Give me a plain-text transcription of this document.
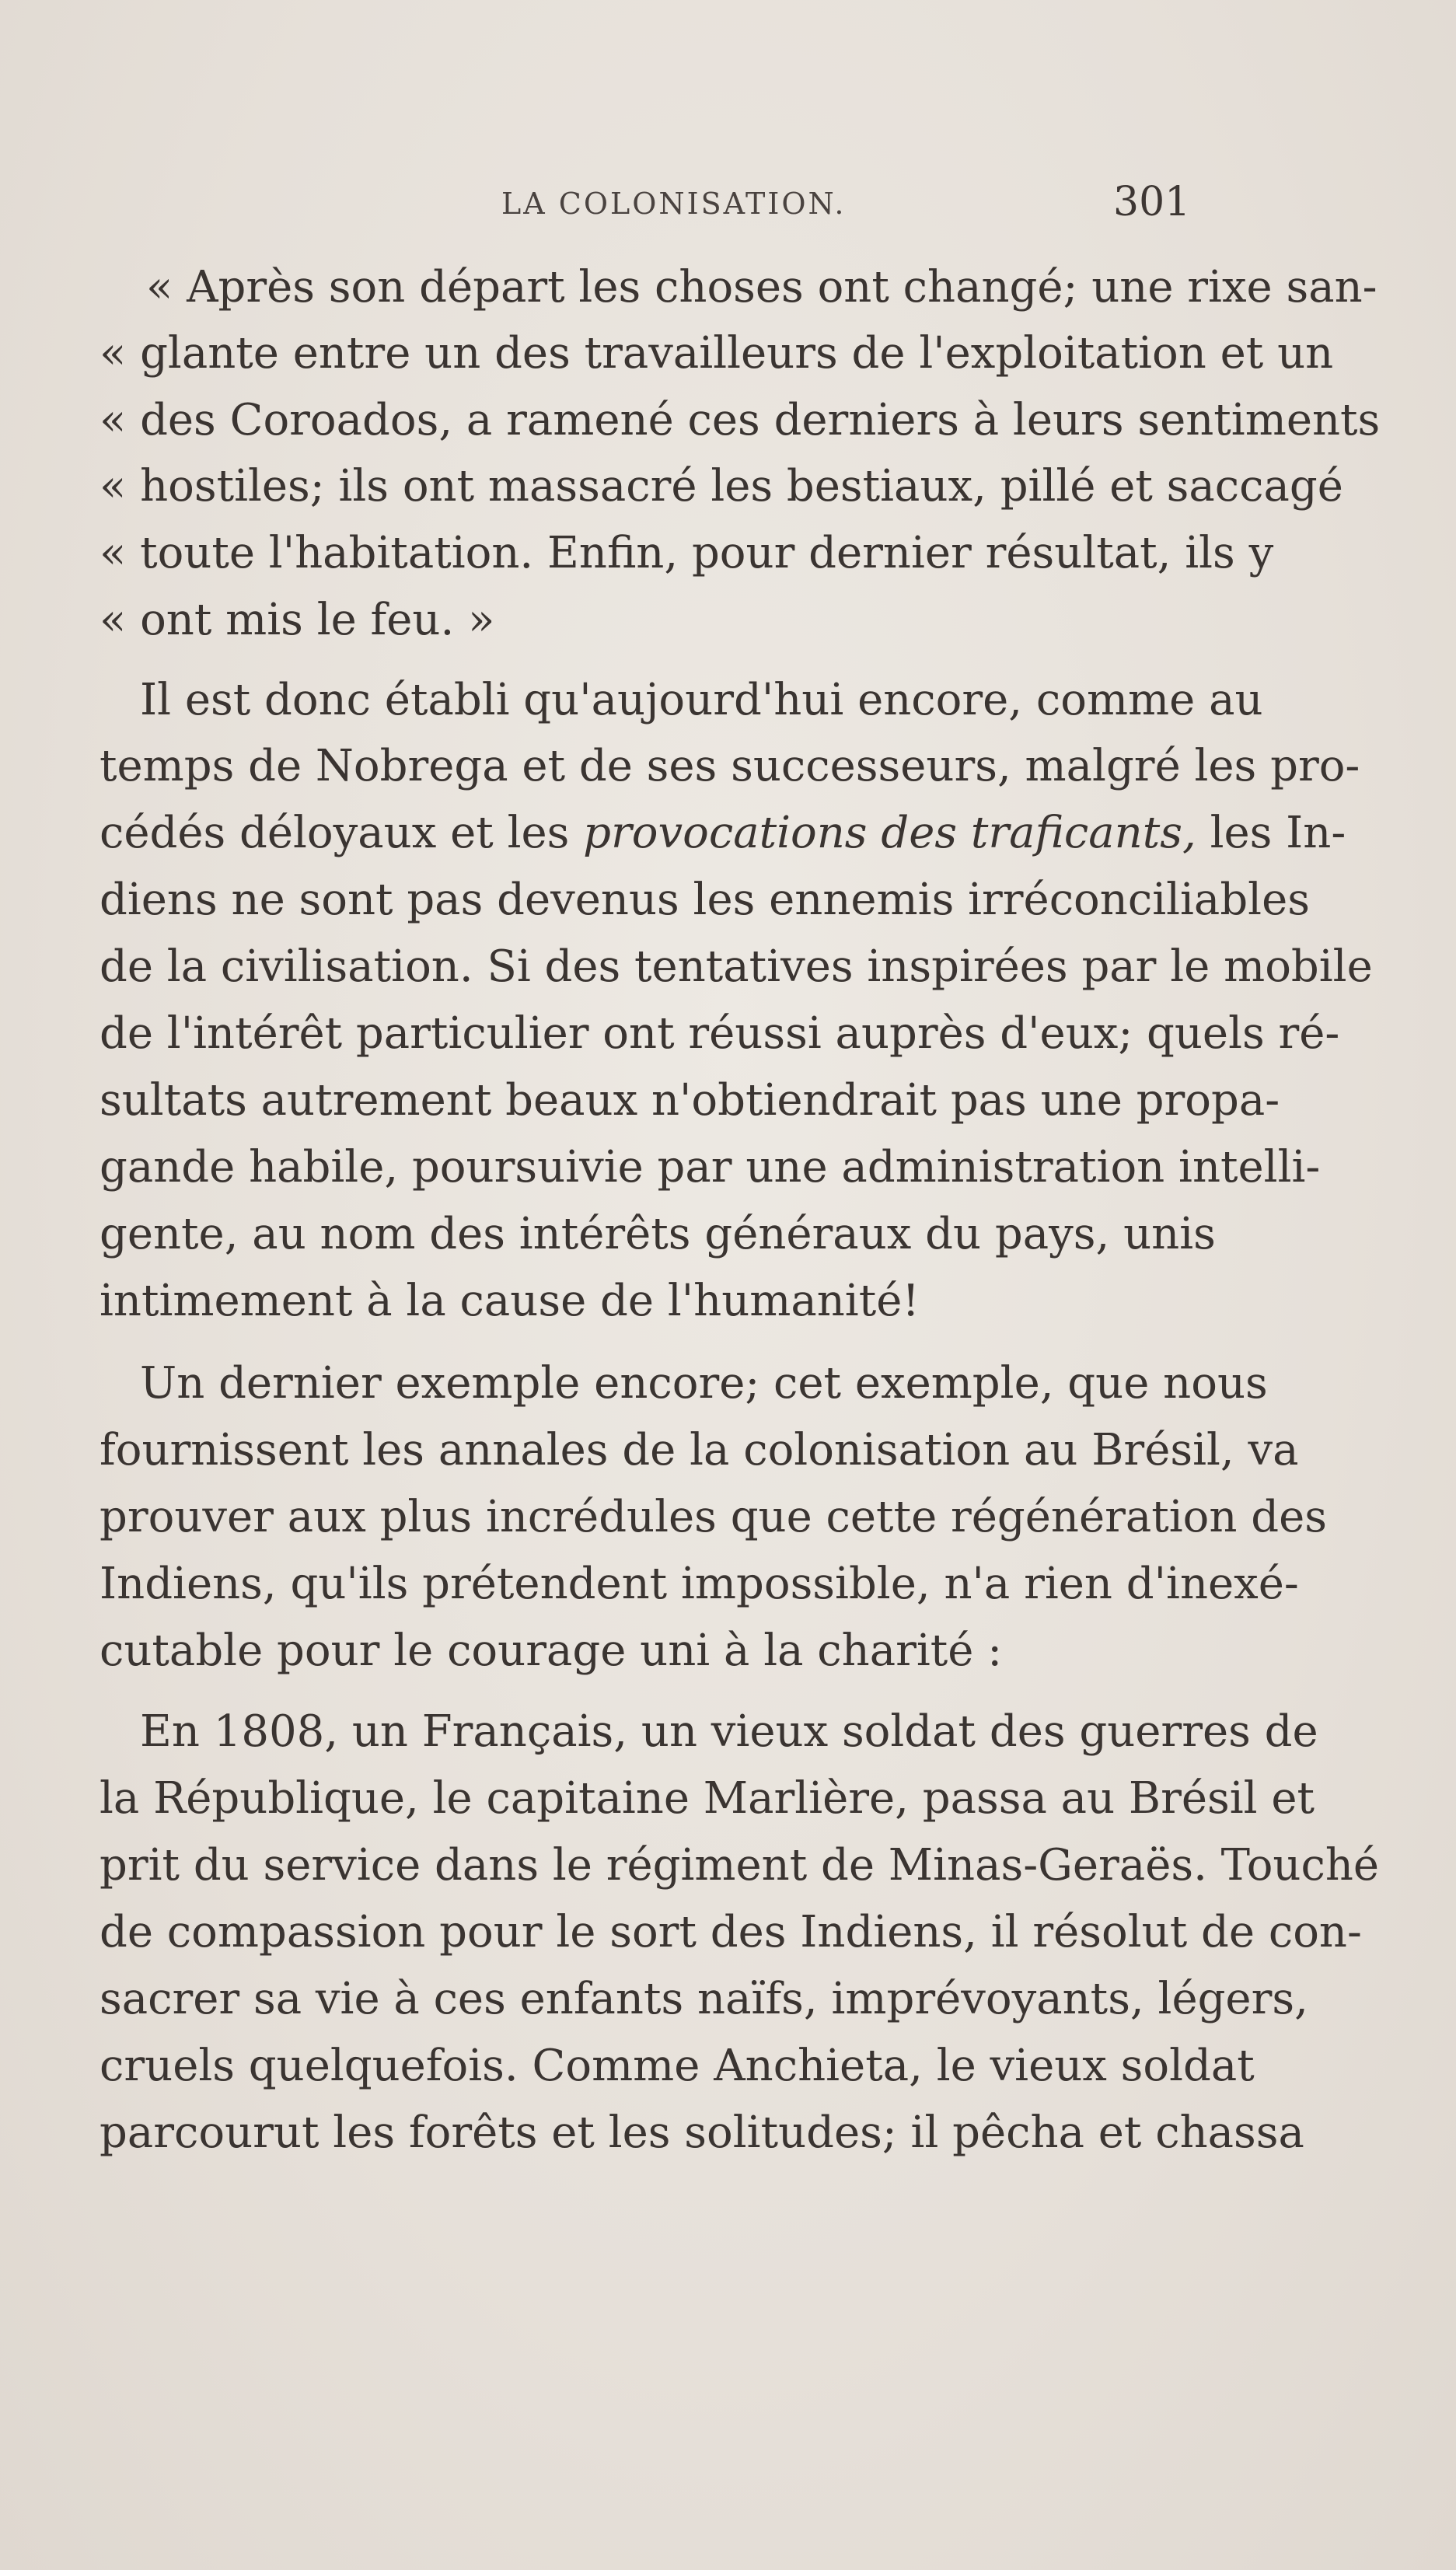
LA COLONISATION.	301
« Après son départ les choses ont changé; une rixe san-
« glante entre un des travailleurs de l'exploitation et un
« des Coroados, a ramené ces derniers à leurs sentiments
« hostiles; ils ont massacré les bestiaux, pillé et saccagé
« toute l'habitation. Enfin, pour dernier résultat, ils y
« ont mis le feu. »
Il est donc établi qu'aujourd'hui encore, comme au
temps de Nobrega et de ses successeurs, malgré les pro-
cédés déloyaux et les provocations des traficants, les In-
diens ne sont pas devenus les ennemis irréconciliables
de la civilisation. Si des tentatives inspirées par le mobile
de l'intérêt particulier ont réussi auprès d'eux; quels ré-
sultats autrement beaux n'obtiendrait pas une propa-
gande habile, poursuivie par une administration intelli-
gente, au nom des intérêts généraux du pays, unis
intimement à la cause de l'humanité!
Un dernier exemple encore; cet exemple, que nous
fournissent les annales de la colonisation au Brésil, va
prouver aux plus incrédules que cette régénération des
Indiens, qu'ils prétendent impossible, n'a rien d'inexé-
cutable pour le courage uni à la charité :
En 1808, un Français, un vieux soldat des guerres de
la République, le capitaine Marlière, passa au Brésil et
prit du service dans le régiment de Minas-Geraës. Touché
de compassion pour le sort des Indiens, il résolut de con-
sacrer sa vie à ces enfants naïfs, imprévoyants, légers,
cruels quelquefois. Comme Anchieta, le vieux soldat
parcourut les forêts et les solitudes; il pêcha et chassa
